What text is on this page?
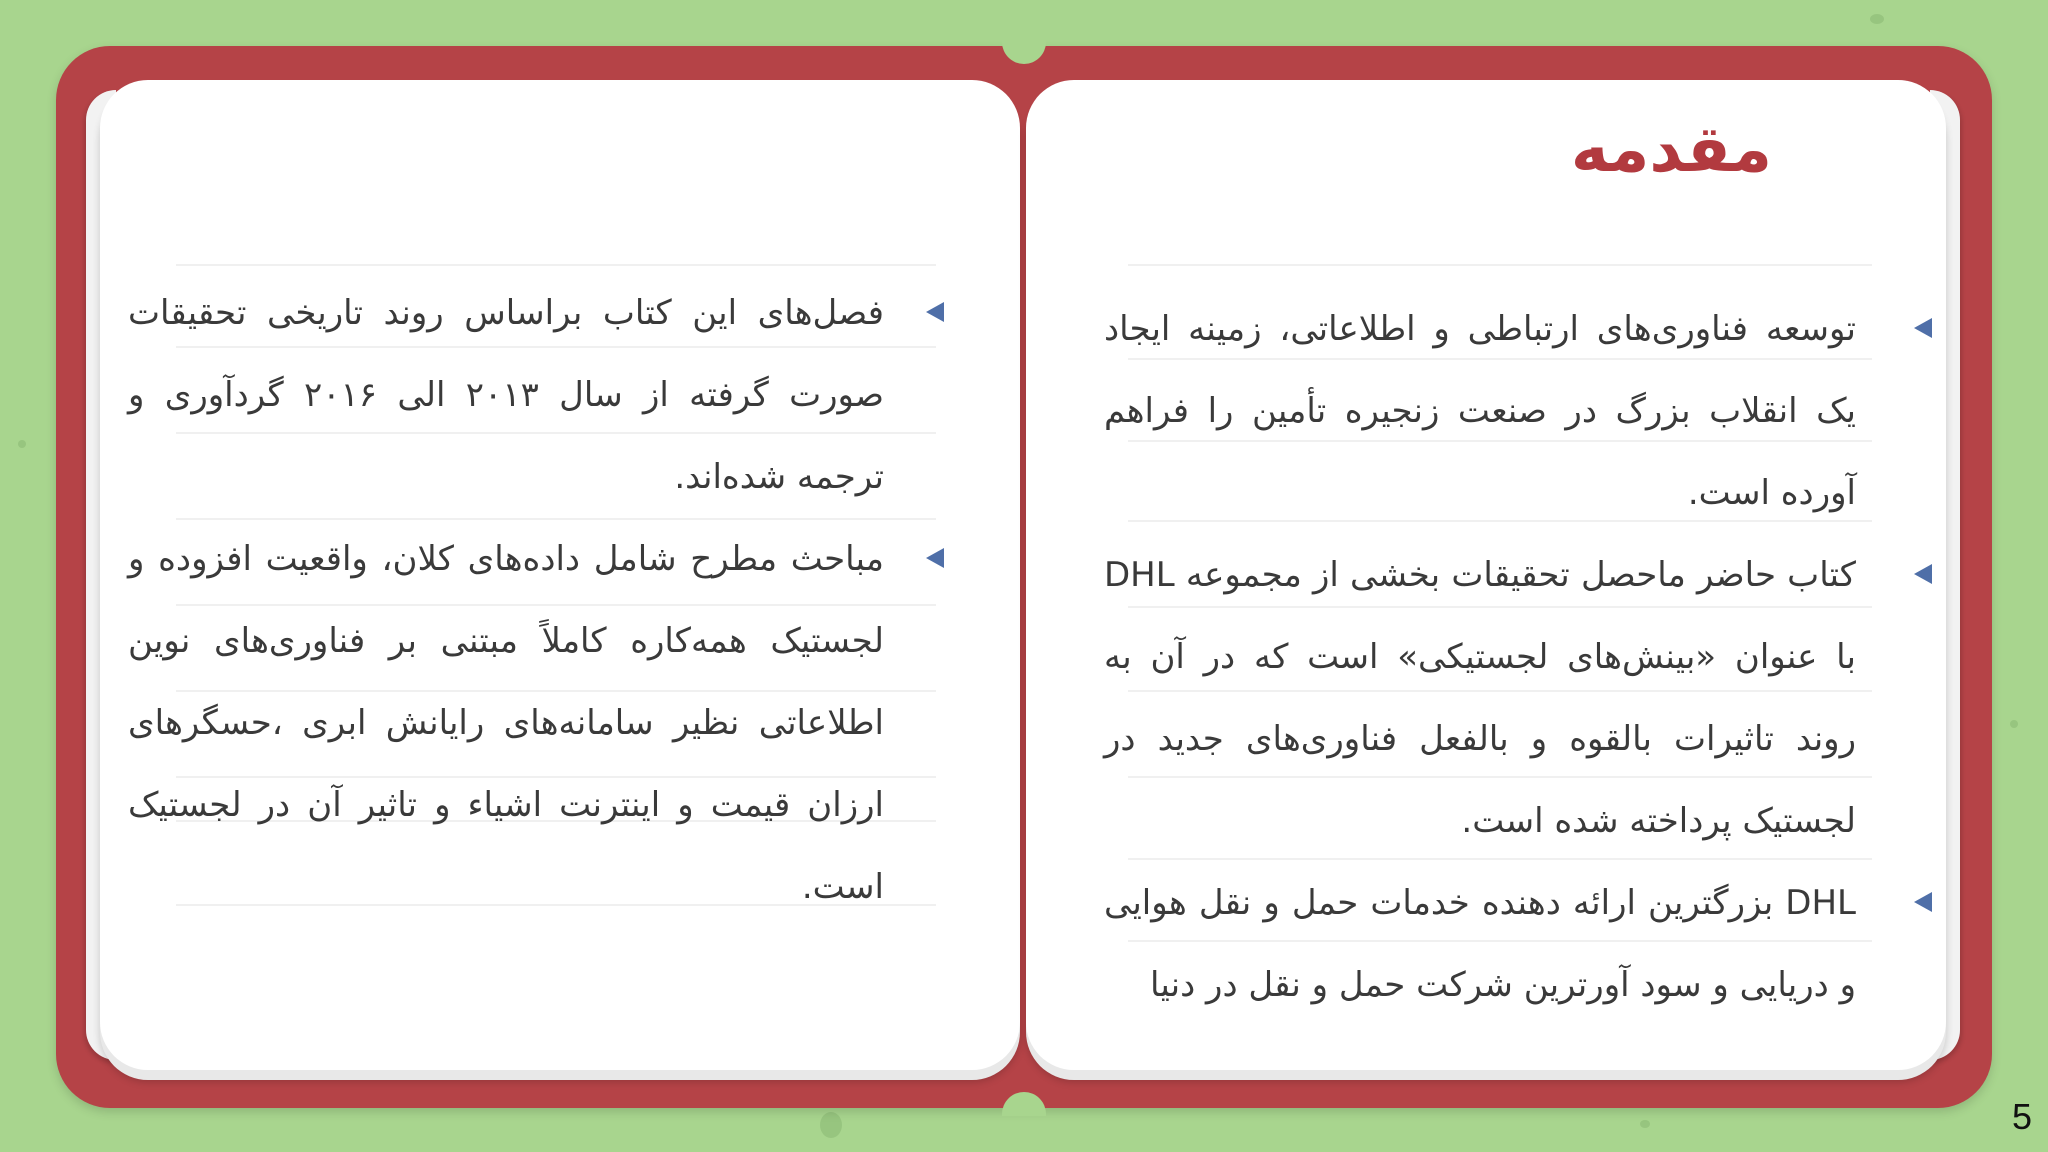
مقدمه
توسعه فناوری‌های ارتباطی و اطلاعاتی، زمینه ایجاد یک انقلاب بزرگ در صنعت زنجیره تأمین را فراهم آورده است.
کتاب حاضر ماحصل تحقیقات بخشی از مجموعه DHL با عنوان «بینش‌های لجستیکی» است که در آن به روند تاثیرات بالقوه و بالفعل فناوری‌های جدید در لجستیک پرداخته شده است.
DHL بزرگترین ارائه دهنده خدمات حمل و نقل هوایی و دریایی و سود آورترین شرکت حمل و نقل در دنیا
فصل‌های این کتاب براساس روند تاریخی تحقیقات صورت گرفته از سال ۲۰۱۳ الی ۲۰۱۶ گردآوری و ترجمه شده‌اند.
مباحث مطرح شامل داده‌های کلان، واقعیت افزوده و لجستیک همه‌کاره کاملاً مبتنی بر فناوری‌های نوین اطلاعاتی نظیر سامانه‌های رایانش ابری ،حسگرهای ارزان قیمت و اینترنت اشیاء و تاثیر آن در لجستیک است.
5
